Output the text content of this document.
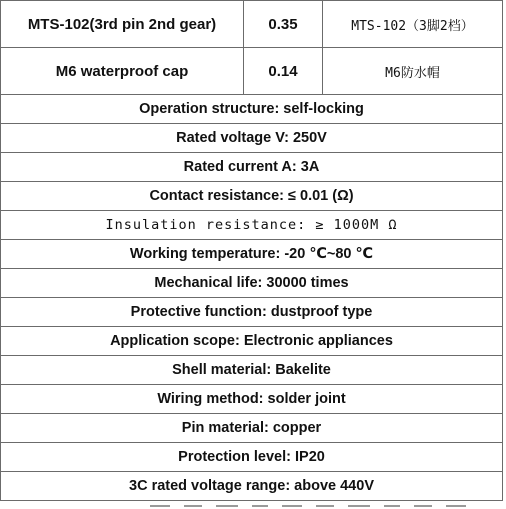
MTS-102(3rd pin 2nd gear)	0.35	MTS-102（3脚2档）
M6 waterproof cap	0.14	M6防水帽
Operation structure: self-locking		
Rated voltage V: 250V		
Rated current A: 3A		
Contact resistance: ≤ 0.01 (Ω)		
Insulation resistance: ≥ 1000M Ω		
Working temperature: -20 ℃~80 ℃		
Mechanical life: 30000 times		
Protective function: dustproof type		
Application scope: Electronic appliances		
Shell material: Bakelite		
Wiring method: solder joint		
Pin material: copper		
Protection level: IP20		
3C rated voltage range: above 440V		
